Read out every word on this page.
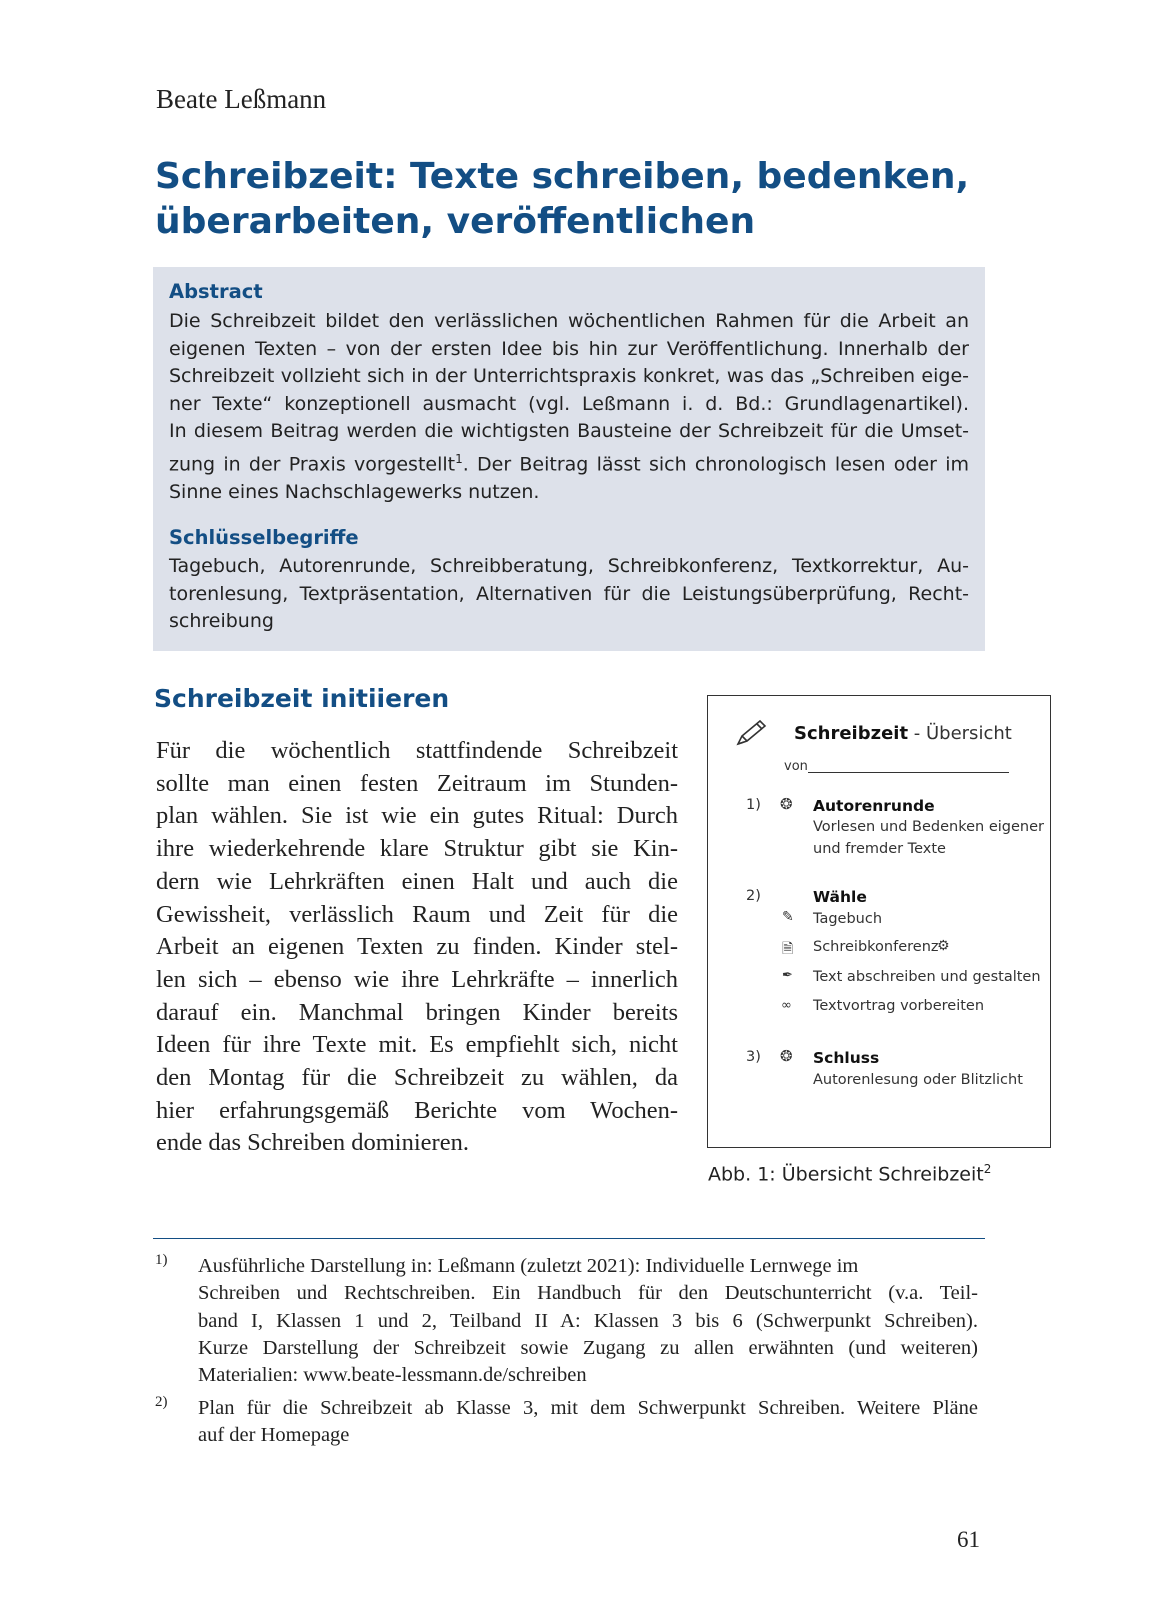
Beate Leßmann
Schreibzeit: Texte schreiben, bedenken,
überarbeiten, veröffentlichen
Abstract
Die Schreibzeit bildet den verlässlichen wöchentlichen Rahmen für die Arbeit an
eigenen Texten – von der ersten Idee bis hin zur Veröffentlichung. Innerhalb der
Schreibzeit vollzieht sich in der Unterrichtspraxis konkret, was das „Schreiben eige-
ner Texte“ konzeptionell ausmacht (vgl. Leßmann i. d. Bd.: Grundlagenartikel).
In diesem Beitrag werden die wichtigsten Bausteine der Schreibzeit für die Umset-
zung in der Praxis vorgestellt$^1$. Der Beitrag lässt sich chronologisch lesen oder im
Sinne eines Nachschlagewerks nutzen.
Schlüsselbegriffe
Tagebuch, Autorenrunde, Schreibberatung, Schreibkonferenz, Textkorrektur, Au-
torenlesung, Textpräsentation, Alternativen für die Leistungsüberprüfung, Recht-
schreibung
Schreibzeit initiieren
Für die wöchentlich stattfindende Schreibzeit
sollte man einen festen Zeitraum im Stunden-
plan wählen. Sie ist wie ein gutes Ritual: Durch
ihre wiederkehrende klare Struktur gibt sie Kin-
dern wie Lehrkräften einen Halt und auch die
Gewissheit, verlässlich Raum und Zeit für die
Arbeit an eigenen Texten zu finden. Kinder stel-
len sich – ebenso wie ihre Lehrkräfte – innerlich
darauf ein. Manchmal bringen Kinder bereits
Ideen für ihre Texte mit. Es empfiehlt sich, nicht
den Montag für die Schreibzeit zu wählen, da
hier erfahrungsgemäß Berichte vom Wochen-
ende das Schreiben dominieren.
Schreibzeit - Übersicht
von
1) ❂ Autorenrunde
Vorlesen und Bedenken eigener
und fremder Texte
2)	Wähle
✎ Tagebuch
🗎 Schreibkonferenz
⚙
✒ Text abschreiben und gestalten
∞ Textvortrag vorbereiten
3) ❂ Schluss
Autorenlesung oder Blitzlicht
Abb. 1: Übersicht Schreibzeit$^2$
1) Ausführliche Darstellung in: Leßmann (zuletzt 2021): Individuelle Lernwege im
Schreiben und Rechtschreiben. Ein Handbuch für den Deutschunterricht (v.a. Teil-
band I, Klassen 1 und 2, Teilband II A: Klassen 3 bis 6 (Schwerpunkt Schreiben).
Kurze Darstellung der Schreibzeit sowie Zugang zu allen erwähnten (und weiteren)
Materialien: www.beate-lessmann.de/schreiben
2) Plan für die Schreibzeit ab Klasse 3, mit dem Schwerpunkt Schreiben. Weitere Pläne
auf der Homepage
61
